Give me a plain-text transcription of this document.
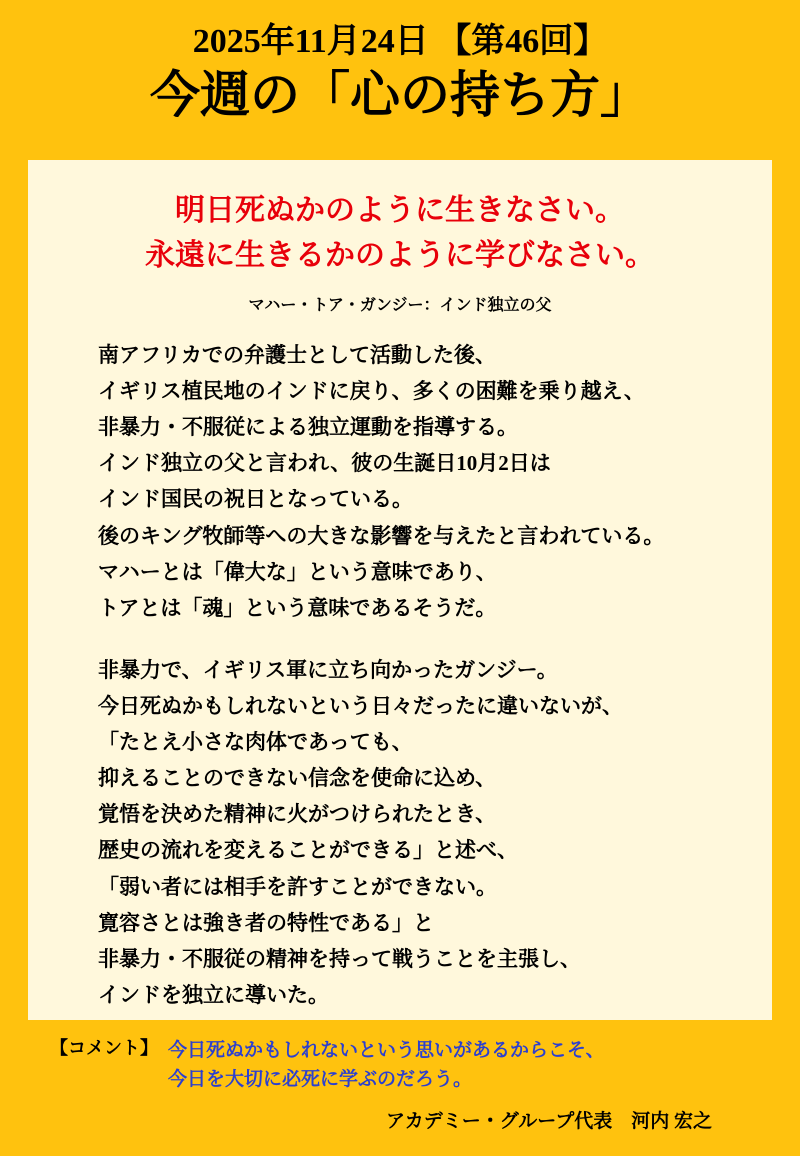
2025年11月24日 【第46回】
今週の「心の持ち方」
明日死ぬかのように生きなさい。
永遠に生きるかのように学びなさい。
マハー・トア・ガンジー：インド独立の父

南アフリカでの弁護士として活動した後、

イギリス植民地のインドに戻り、多くの困難を乗り越え、

非暴力・不服従による独立運動を指導する。

インド独立の父と言われ、彼の生誕日10月2日は

インド国民の祝日となっている。

後のキング牧師等への大きな影響を与えたと言われている。

マハーとは「偉大な」という意味であり、

トアとは「魂」という意味であるそうだ。

非暴力で、イギリス軍に立ち向かったガンジー。

今日死ぬかもしれないという日々だったに違いないが、

「たとえ小さな肉体であっても、

抑えることのできない信念を使命に込め、

覚悟を決めた精神に火がつけられたとき、

歴史の流れを変えることができる」と述べ、

「弱い者には相手を許すことができない。

寛容さとは強き者の特性である」と

非暴力・不服従の精神を持って戦うことを主張し、

インドを独立に導いた。

【コメント】 今日死ぬかもしれないという思いがあるからこそ、

今日を大切に必死に学ぶのだろう。

アカデミー・グループ代表　河内 宏之
